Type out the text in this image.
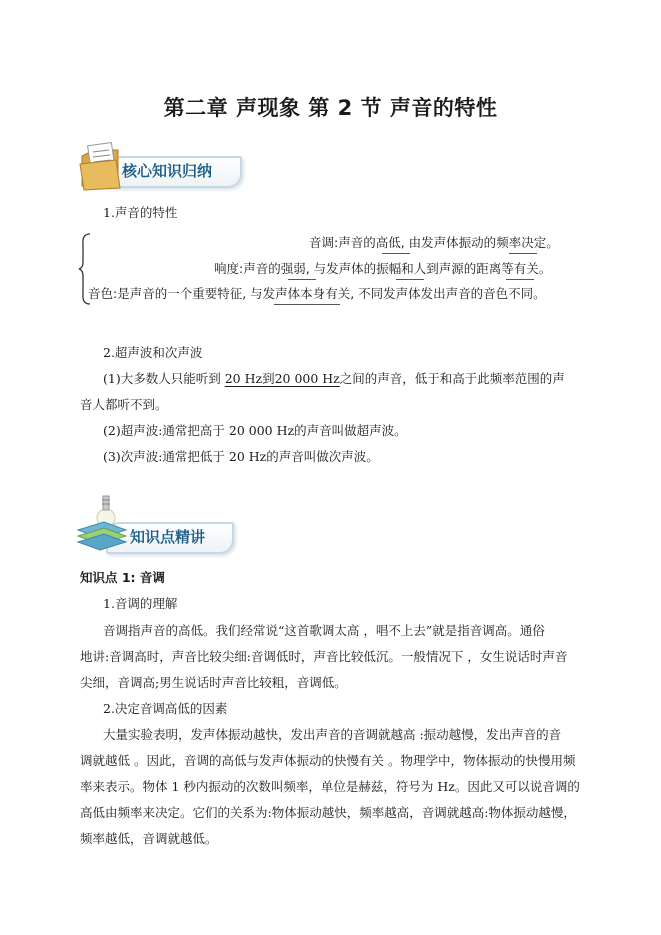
第二章 声现象 第 2 节 声音的特性
核心知识归纳
1.声音的特性
音调:声音的高低, 由发声体振动的频率决定。
响度:声音的强弱, 与发声体的振幅和人到声源的距离等有关。
音色:是声音的一个重要特征, 与发声体本身有关, 不同发声体发出声音的音色不同。
2.超声波和次声波
(1)大多数人只能听到 20 Hz到20 000 Hz之间的声音，低于和高于此频率范围的声
音人都听不到。
(2)超声波:通常把高于 20 000 Hz的声音叫做超声波。
(3)次声波:通常把低于 20 Hz的声音叫做次声波。
知识点精讲
知识点 1: 音调
1.音调的理解
音调指声音的高低。我们经常说“这首歌调太高 ，唱不上去”就是指音调高。通俗
地讲:音调高时，声音比较尖细:音调低时，声音比较低沉。一般情况下 ，女生说话时声音
尖细，音调高;男生说话时声音比较粗，音调低。
2.决定音调高低的因素
大量实验表明，发声体振动越快，发出声音的音调就越高 :振动越慢，发出声音的音
调就越低 。因此，音调的高低与发声体振动的快慢有关 。物理学中，物体振动的快慢用频
率来表示。物体 1 秒内振动的次数叫频率，单位是赫兹，符号为 Hz。因此又可以说音调的
高低由频率来决定。它们的关系为:物体振动越快，频率越高，音调就越高:物体振动越慢，
频率越低，音调就越低。
